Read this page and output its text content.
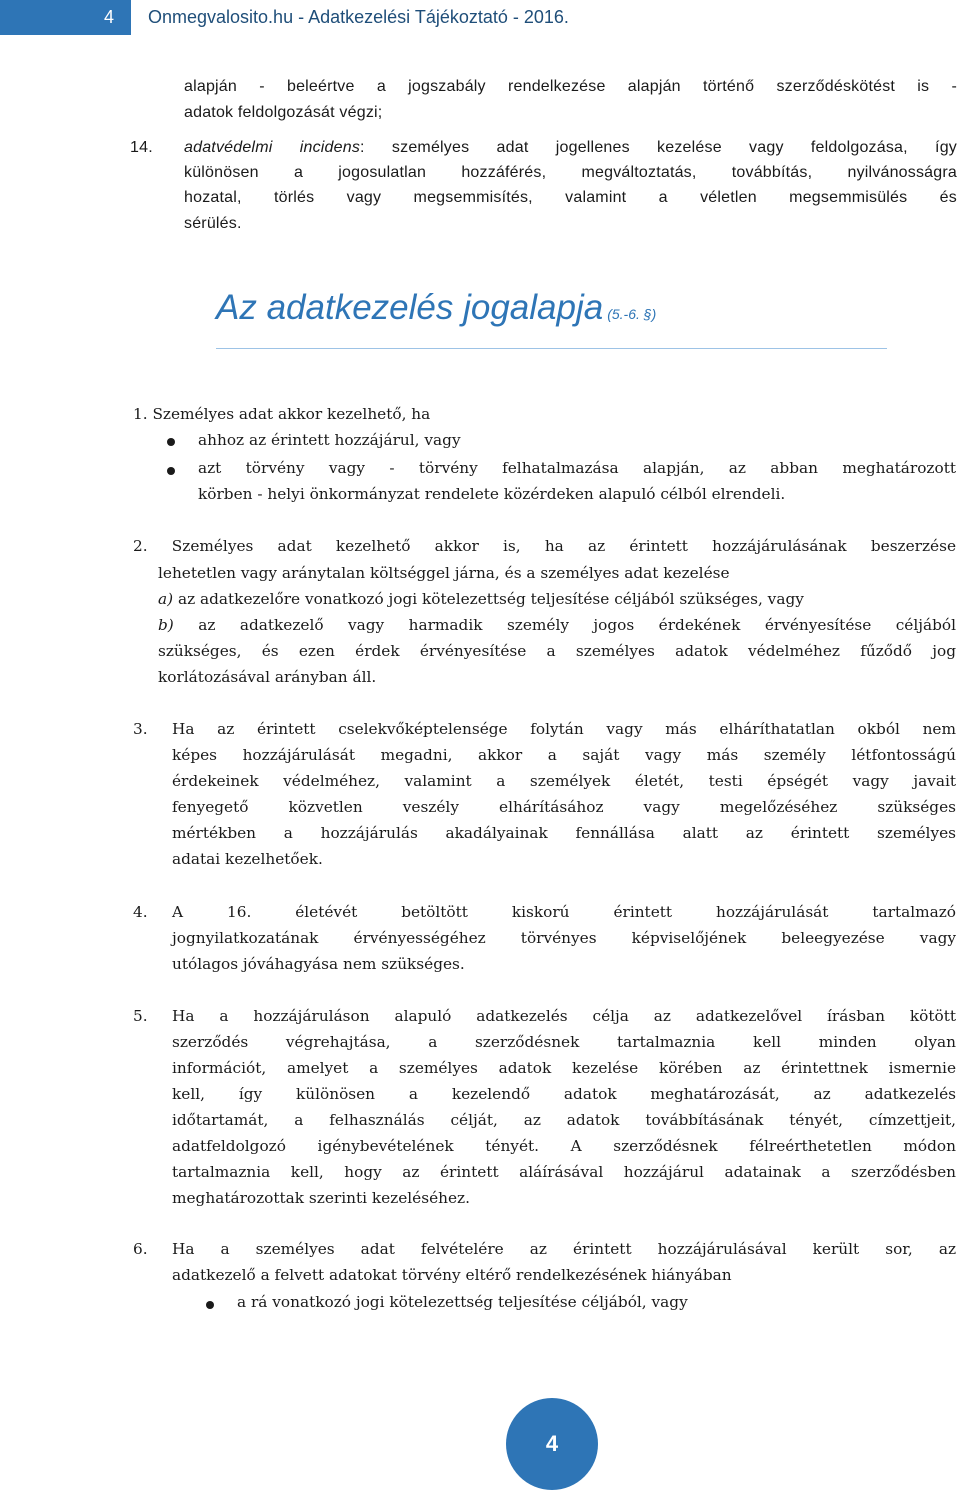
4	Onmegvalosito.hu - Adatkezelési Tájékoztató - 2016.
alapján - beleértve a jogszabály rendelkezése alapján történő szerződéskötést is -
adatok feldolgozását végzi;
14. adatvédelmi incidens: személyes adat jogellenes kezelése vagy feldolgozása, így
különösen a jogosulatlan hozzáférés, megváltoztatás, továbbítás, nyilvánosságra
hozatal, törlés vagy megsemmisítés, valamint a véletlen megsemmisülés és
sérülés.
Az adatkezelés jogalapja (5.-6. §)
1. Személyes adat akkor kezelhető, ha
ahhoz az érintett hozzájárul, vagy
azt törvény vagy - törvény felhatalmazása alapján, az abban meghatározott
körben - helyi önkormányzat rendelete közérdeken alapuló célból elrendeli.
2. Személyes adat kezelhető akkor is, ha az érintett hozzájárulásának beszerzése
lehetetlen vagy aránytalan költséggel járna, és a személyes adat kezelése
a) az adatkezelőre vonatkozó jogi kötelezettség teljesítése céljából szükséges, vagy
b) az adatkezelő vagy harmadik személy jogos érdekének érvényesítése céljából
szükséges, és ezen érdek érvényesítése a személyes adatok védelméhez fűződő jog
korlátozásával arányban áll.
3. Ha az érintett cselekvőképtelensége folytán vagy más elháríthatatlan okból nem
képes hozzájárulását megadni, akkor a saját vagy más személy létfontosságú
érdekeinek védelméhez, valamint a személyek életét, testi épségét vagy javait
fenyegető közvetlen veszély elhárításához vagy megelőzéséhez szükséges
mértékben a hozzájárulás akadályainak fennállása alatt az érintett személyes
adatai kezelhetőek.
4. A 16. életévét betöltött kiskorú érintett hozzájárulását tartalmazó
jognyilatkozatának érvényességéhez törvényes képviselőjének beleegyezése vagy
utólagos jóváhagyása nem szükséges.
5. Ha a hozzájáruláson alapuló adatkezelés célja az adatkezelővel írásban kötött
szerződés végrehajtása, a szerződésnek tartalmaznia kell minden olyan
információt, amelyet a személyes adatok kezelése körében az érintettnek ismernie
kell, így különösen a kezelendő adatok meghatározását, az adatkezelés
időtartamát, a felhasználás célját, az adatok továbbításának tényét, címzettjeit,
adatfeldolgozó igénybevételének tényét. A szerződésnek félreérthetetlen módon
tartalmaznia kell, hogy az érintett aláírásával hozzájárul adatainak a szerződésben
meghatározottak szerinti kezeléséhez.
6. Ha a személyes adat felvételére az érintett hozzájárulásával került sor, az
adatkezelő a felvett adatokat törvény eltérő rendelkezésének hiányában
a rá vonatkozó jogi kötelezettség teljesítése céljából, vagy
4
